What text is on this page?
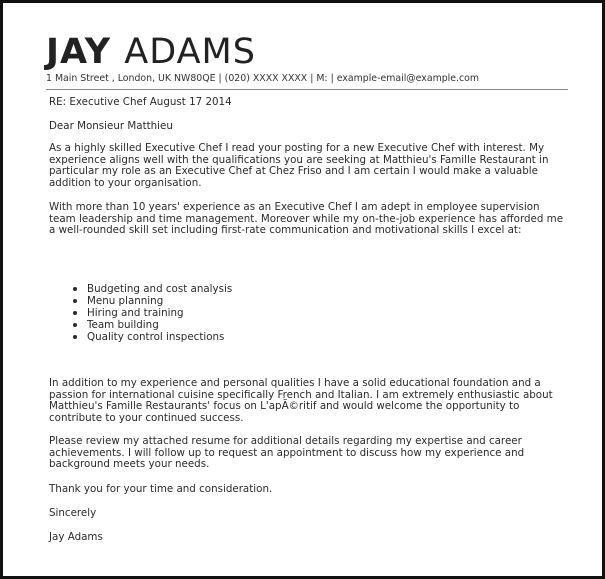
JAY ADAMS
1 Main Street , London, UK NW80QE | (020) XXXX XXXX | M: | example-email@example.com
RE: Executive Chef August 17 2014
Dear Monsieur Matthieu

As a highly skilled Executive Chef I read your posting for a new Executive Chef with interest. My experience aligns well with the qualifications you are seeking at Matthieu's Famille Restaurant in particular my role as an Executive Chef at Chez Friso and I am certain I would make a valuable addition to your organisation.

With more than 10 years' experience as an Executive Chef I am adept in employee supervision team leadership and time management. Moreover while my on-the-job experience has afforded me a well-rounded skill set including first-rate communication and motivational skills I excel at:

Budgeting and cost analysis
Menu planning
Hiring and training
Team building
Quality control inspections

In addition to my experience and personal qualities I have a solid educational foundation and a passion for international cuisine specifically French and Italian. I am extremely enthusiastic about Matthieu's Famille Restaurants' focus on L'apÃ©ritif and would welcome the opportunity to contribute to your continued success.

Please review my attached resume for additional details regarding my expertise and career achievements. I will follow up to request an appointment to discuss how my experience and background meets your needs.

Thank you for your time and consideration.
Sincerely
Jay Adams
